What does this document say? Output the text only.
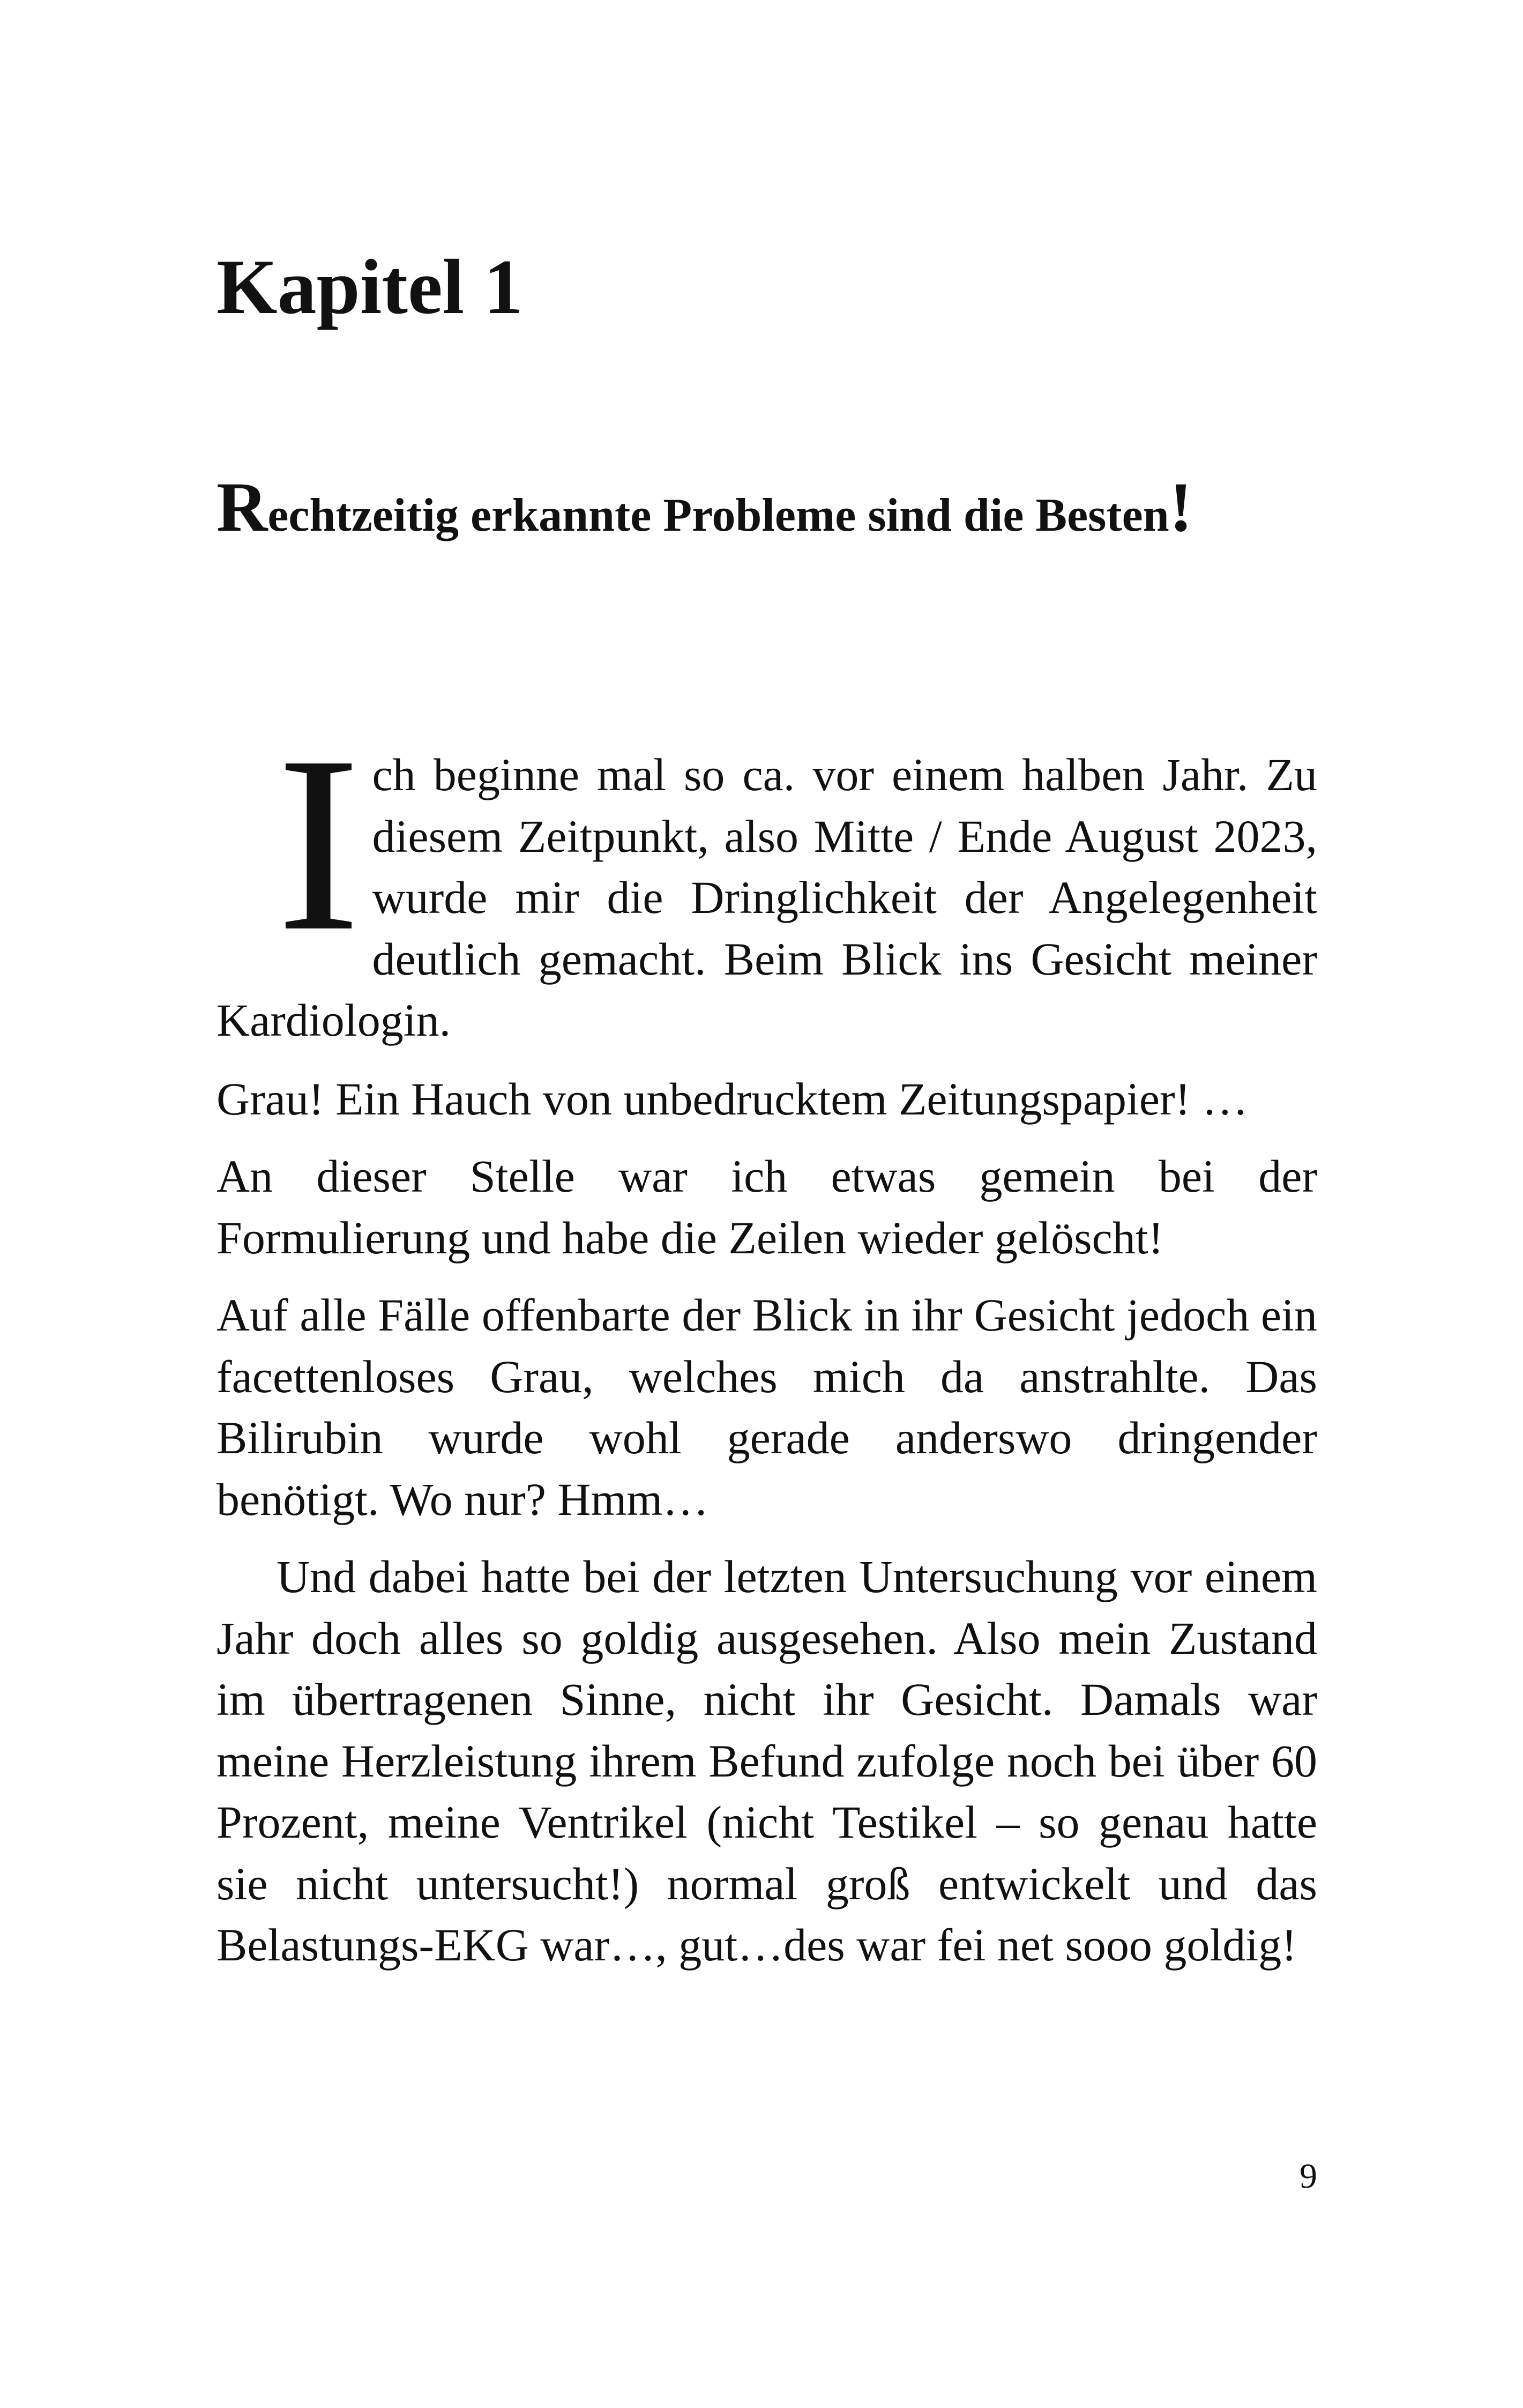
Kapitel 1
Rechtzeitig erkannte Probleme sind die Besten!

Ich beginne mal so ca. vor einem halben Jahr. Zu diesem Zeitpunkt, also Mitte / Ende August 2023, wurde mir die Dringlichkeit der Angelegenheit deutlich gemacht. Beim Blick ins Gesicht meiner Kardiologin.

Grau! Ein Hauch von unbedrucktem Zeitungspapier! …

An dieser Stelle war ich etwas gemein bei der Formulierung und habe die Zeilen wieder gelöscht!

Auf alle Fälle offenbarte der Blick in ihr Gesicht jedoch ein facettenloses Grau, welches mich da anstrahlte. Das Bilirubin wurde wohl gerade anderswo dringender benötigt. Wo nur? Hmm…

Und dabei hatte bei der letzten Untersuchung vor einem Jahr doch alles so goldig ausgesehen. Also mein Zustand im übertragenen Sinne, nicht ihr Gesicht. Damals war meine Herzleistung ihrem Befund zufolge noch bei über 60 Prozent, meine Ventrikel (nicht Testikel – so genau hatte sie nicht untersucht!) normal groß entwickelt und das Belastungs-EKG war…, gut…des war fei net sooo goldig!

9
